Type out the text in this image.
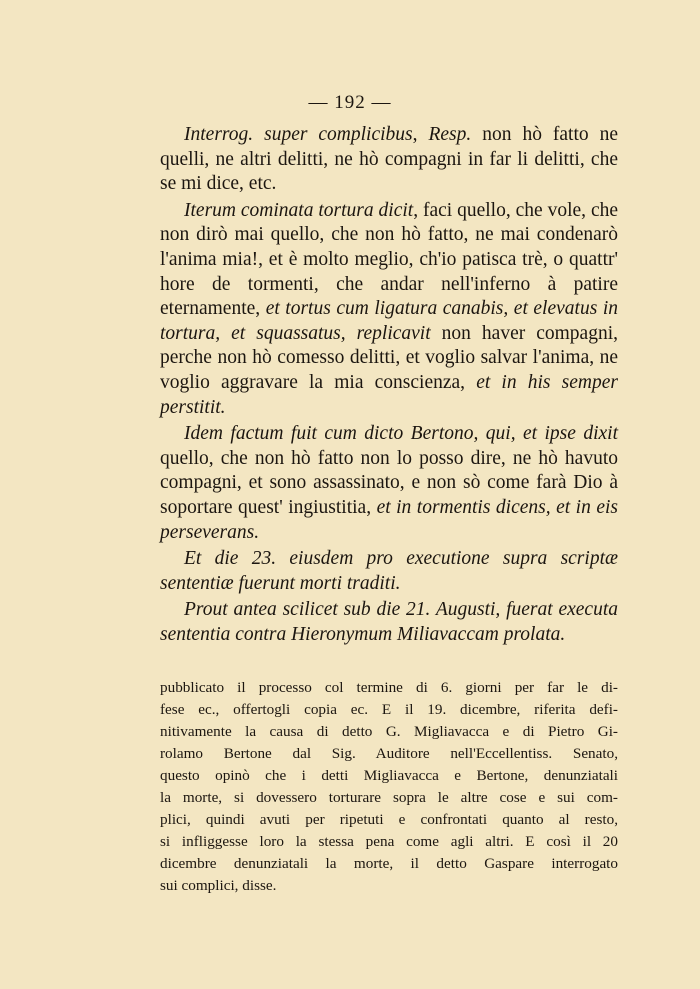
— 192 —

Interrog. super complicibus, Resp. non hò fatto ne quelli, ne altri delitti, ne hò compagni in far li delitti, che se mi dice, etc.

Iterum cominata tortura dicit, faci quello, che vole, che non dirò mai quello, che non hò fatto, ne mai condenarò l'anima mia!, et è molto meglio, ch'io patisca trè, o quattr' hore de tormenti, che andar nell'inferno à patire eternamente, et tortus cum ligatura canabis, et elevatus in tortura, et squassatus, replicavit non haver compagni, perche non hò comesso delitti, et voglio salvar l'anima, ne voglio aggravare la mia conscienza, et in his semper perstitit.

Idem factum fuit cum dicto Bertono, qui, et ipse dixit quello, che non hò fatto non lo posso dire, ne hò havuto compagni, et sono assassinato, e non sò come farà Dio à soportare quest' ingiustitia, et in tormentis dicens, et in eis perseverans.

Et die 23. eiusdem pro executione supra scriptæ sententiæ fuerunt morti traditi.

Prout antea scilicet sub die 21. Augusti, fuerat executa sententia contra Hieronymum Miliavaccam prolata.

pubblicato il processo col termine di 6. giorni per far le di-
fese ec., offertogli copia ec. E il 19. dicembre, riferita defi-
nitivamente la causa di detto G. Migliavacca e di Pietro Gi-
rolamo Bertone dal Sig. Auditore nell'Eccellentiss. Senato,
questo opinò che i detti Migliavacca e Bertone, denunziatali
la morte, si dovessero torturare sopra le altre cose e sui com-
plici, quindi avuti per ripetuti e confrontati quanto al resto,
si infliggesse loro la stessa pena come agli altri. E così il 20
dicembre denunziatali la morte, il detto Gaspare interrogato
sui complici, disse.
